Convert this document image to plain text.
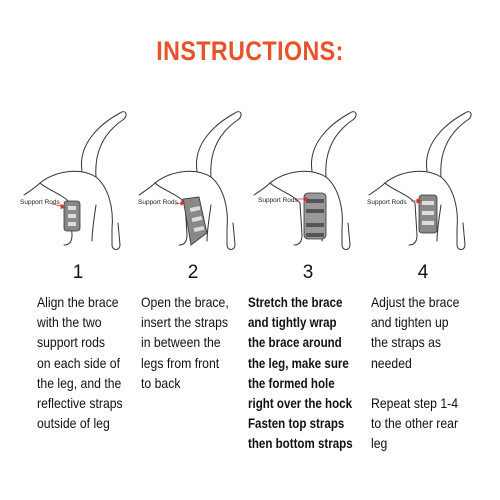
INSTRUCTIONS:
Support Rods	Support Rods	Support Rods	Support Rods
1	2	3	4
Align the brace
with the two
support rods
on each side of
the leg, and the
reflective straps
outside of leg
Open the brace,
insert the straps
in between the
legs from front
to back
Stretch the brace
and tightly wrap
the brace around
the leg, make sure
the formed hole
right over the hock
Fasten top straps
then bottom straps
Adjust the brace
and tighten up
the straps as
needed
Repeat step 1-4
to the other rear
leg
